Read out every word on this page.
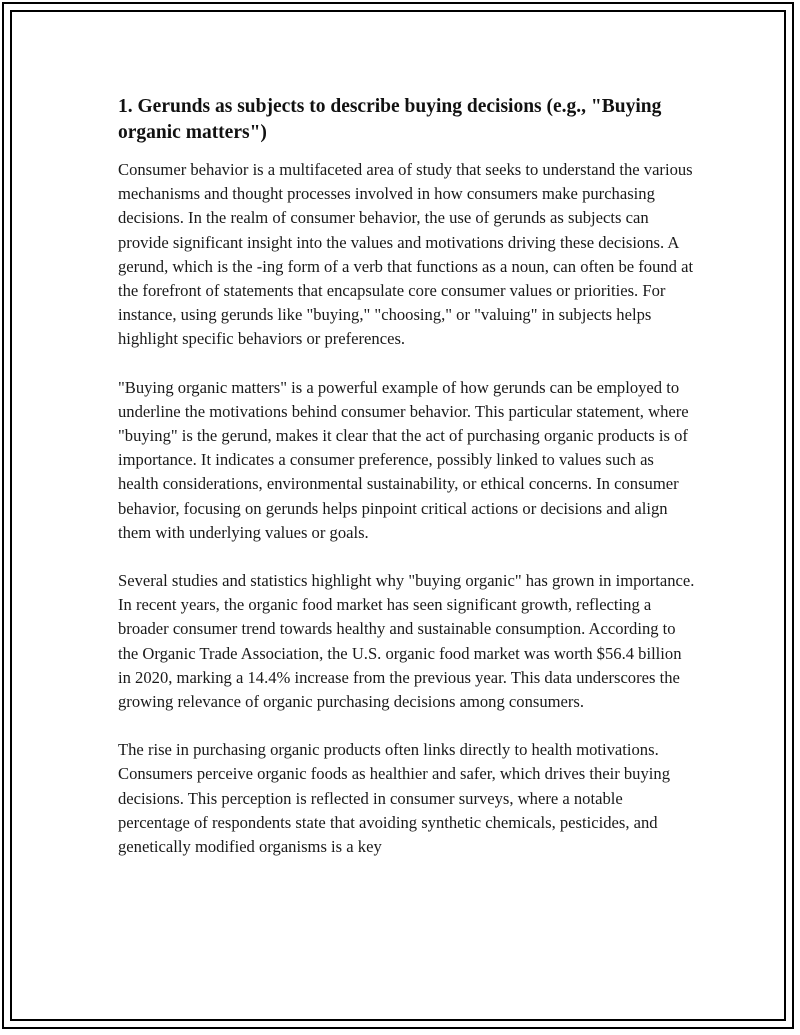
1. Gerunds as subjects to describe buying decisions (e.g., "Buying organic matters")

Consumer behavior is a multifaceted area of study that seeks to understand the various mechanisms and thought processes involved in how consumers make purchasing decisions. In the realm of consumer behavior, the use of gerunds as subjects can provide significant insight into the values and motivations driving these decisions. A gerund, which is the -ing form of a verb that functions as a noun, can often be found at the forefront of statements that encapsulate core consumer values or priorities. For instance, using gerunds like "buying," "choosing," or "valuing" in subjects helps highlight specific behaviors or preferences.

"Buying organic matters" is a powerful example of how gerunds can be employed to underline the motivations behind consumer behavior. This particular statement, where "buying" is the gerund, makes it clear that the act of purchasing organic products is of importance. It indicates a consumer preference, possibly linked to values such as health considerations, environmental sustainability, or ethical concerns. In consumer behavior, focusing on gerunds helps pinpoint critical actions or decisions and align them with underlying values or goals.

Several studies and statistics highlight why "buying organic" has grown in importance. In recent years, the organic food market has seen significant growth, reflecting a broader consumer trend towards healthy and sustainable consumption. According to the Organic Trade Association, the U.S. organic food market was worth $56.4 billion in 2020, marking a 14.4% increase from the previous year. This data underscores the growing relevance of organic purchasing decisions among consumers.

The rise in purchasing organic products often links directly to health motivations. Consumers perceive organic foods as healthier and safer, which drives their buying decisions. This perception is reflected in consumer surveys, where a notable percentage of respondents state that avoiding synthetic chemicals, pesticides, and genetically modified organisms is a key
